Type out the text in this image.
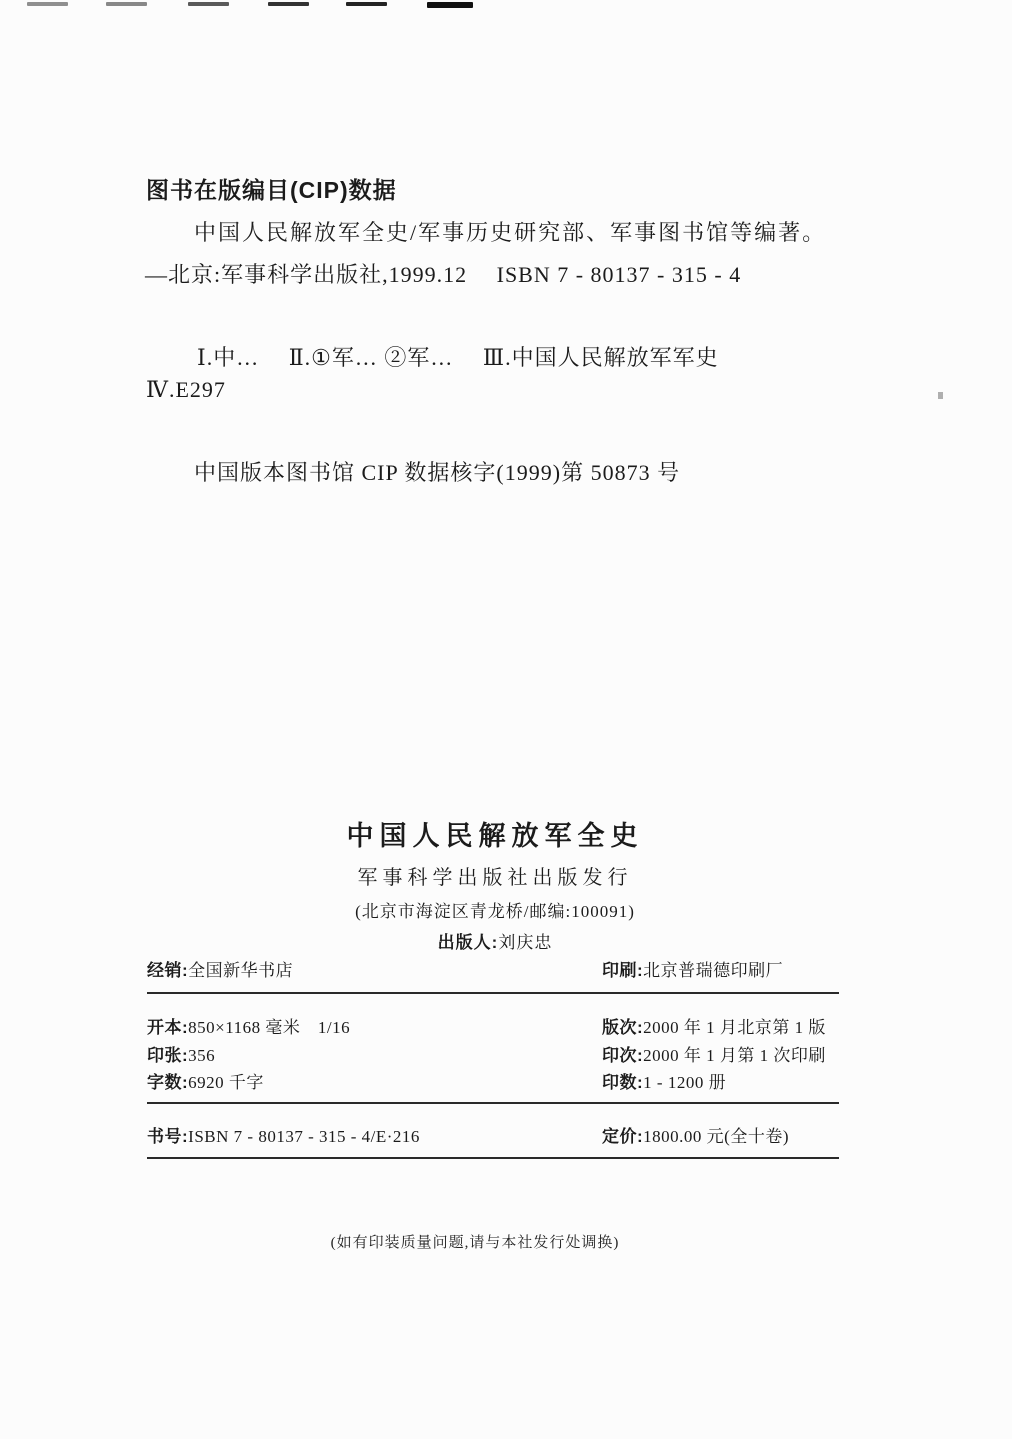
图书在版编目(CIP)数据
中国人民解放军全史/军事历史研究部、军事图书馆等编著。
—北京:军事科学出版社,1999.12　 ISBN 7 - 80137 - 315 - 4
Ⅰ.中…　 Ⅱ.①军… ②军…　 Ⅲ.中国人民解放军军史
Ⅳ.E297
中国版本图书馆 CIP 数据核字(1999)第 50873 号
中国人民解放军全史
军事科学出版社出版发行
(北京市海淀区青龙桥/邮编:100091)
出版人:刘庆忠
经销:全国新华书店	印刷:北京普瑞德印刷厂
开本:850×1168 毫米　1/16	版次:2000 年 1 月北京第 1 版
印张:356	印次:2000 年 1 月第 1 次印刷
字数:6920 千字	印数:1 - 1200 册
书号:ISBN 7 - 80137 - 315 - 4/E·216	定价:1800.00 元(全十卷)
(如有印装质量问题,请与本社发行处调换)
